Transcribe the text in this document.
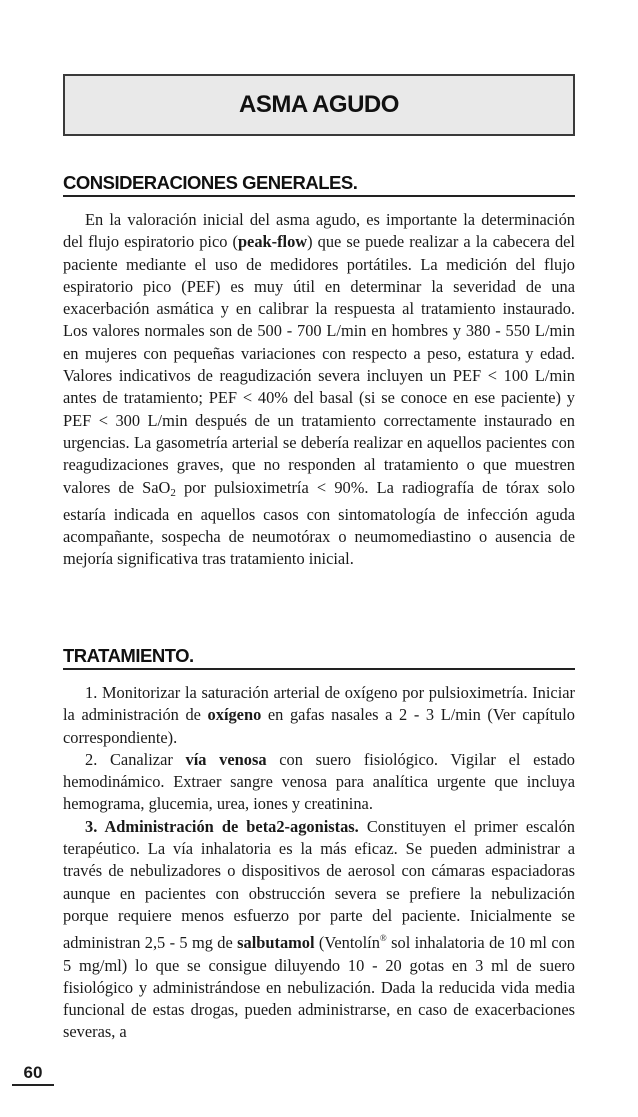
ASMA AGUDO
CONSIDERACIONES GENERALES.

En la valoración inicial del asma agudo, es importante la determinación del flujo espiratorio pico (peak-flow) que se puede realizar a la cabecera del paciente mediante el uso de medidores portátiles. La medición del flujo espiratorio pico (PEF) es muy útil en determinar la severidad de una exacerbación asmática y en calibrar la respuesta al tratamiento instaurado. Los valores normales son de 500 - 700 L/min en hombres y 380 - 550 L/min en mujeres con pequeñas variaciones con respecto a peso, estatura y edad. Valores indicativos de reagudización severa incluyen un PEF < 100 L/min antes de tratamiento; PEF < 40% del basal (si se conoce en ese paciente) y PEF < 300 L/min después de un tratamiento correctamente instaurado en urgencias. La gasometría arterial se debería realizar en aquellos pacientes con reagudizaciones graves, que no responden al tratamiento o que muestren valores de SaO$_2$ por pulsioximetría < 90%. La radiografía de tórax solo estaría indicada en aquellos casos con sintomatología de infección aguda acompañante, sospecha de neumotórax o neumomediastino o ausencia de mejoría significativa tras tratamiento inicial.

TRATAMIENTO.

1. Monitorizar la saturación arterial de oxígeno por pulsioximetría. Iniciar la administración de oxígeno en gafas nasales a 2 - 3 L/min (Ver capítulo correspondiente).

2. Canalizar vía venosa con suero fisiológico. Vigilar el estado hemodinámico. Extraer sangre venosa para analítica urgente que incluya hemograma, glucemia, urea, iones y creatinina.

3. Administración de beta2-agonistas. Constituyen el primer escalón terapéutico. La vía inhalatoria es la más eficaz. Se pueden administrar a través de nebulizadores o dispositivos de aerosol con cámaras espaciadoras aunque en pacientes con obstrucción severa se prefiere la nebulización porque requiere menos esfuerzo por parte del paciente. Inicialmente se administran 2,5 - 5 mg de salbutamol (Ventolín® sol inhalatoria de 10 ml con 5 mg/ml) lo que se consigue diluyendo 10 - 20 gotas en 3 ml de suero fisiológico y administrándose en nebulización. Dada la reducida vida media funcional de estas drogas, pueden administrarse, en caso de exacerbaciones severas, a

60
